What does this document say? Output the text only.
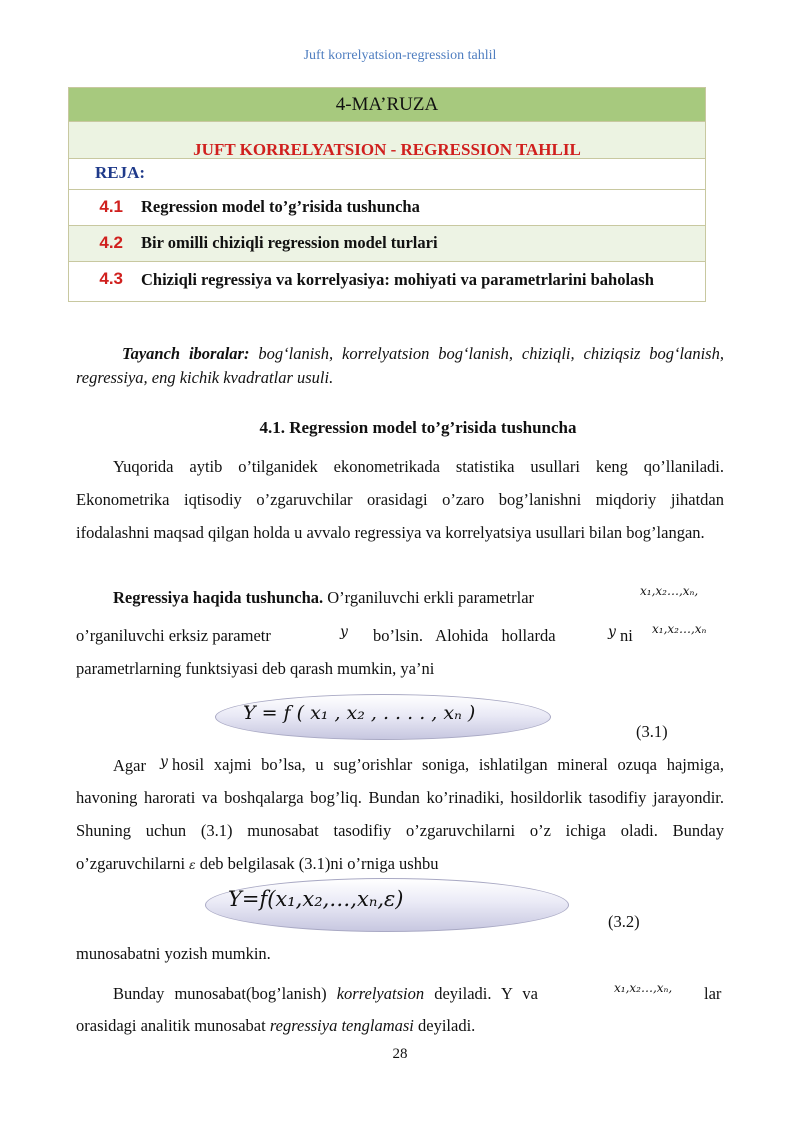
Juft korrelyatsion-regression tahlil
4-MA’RUZA
JUFT KORRELYATSION - REGRESSION TAHLIL
REJA:
4.1	Regression model to’g’risida tushuncha
4.2	Bir omilli chiziqli regression model turlari
4.3	Chiziqli regressiya va korrelyasiya: mohiyati va parametrlarini baholash

Tayanch iboralar: bog‘lanish, korrelyatsion bog‘lanish, chiziqli, chiziqsiz bog‘lanish, regressiya, eng kichik kvadratlar usuli.

4.1. Regression model to’g’risida tushuncha

Yuqorida aytib o’tilganidek ekonometrikada statistika usullari keng qo’llaniladi. Ekonometrika iqtisodiy o’zgaruvchilar orasidagi o’zaro bog’lanishni miqdoriy jihatdan ifodalashni maqsad qilgan holda u avvalo regressiya va korrelyatsiya usullari bilan bog’langan.

Regressiya haqida tushuncha. O’rganiluvchi erkli parametrlar	x₁,x₂…,xₙ,
o’rganiluvchi erksiz parametr	y bo’lsin. Alohida hollarda	y ni x₁,x₂…,xₙ
parametrlarning funktsiyasi deb qarash mumkin, ya’ni
Y = f ( x₁ , x₂ , . . . . , xₙ )
(3.1)
Agar	hosil xajmi bo’lsa, u sug’orishlar soniga, ishlatilgan mineral ozuqa hajmiga, havoning harorati va boshqalarga bog’liq. Bundan ko’rinadiki, hosildorlik tasodifiy jarayondir. Shuning uchun (3.1) munosabat tasodifiy o’zgaruvchilarni o’z ichiga oladi. Bunday o’zgaruvchilarni ε deb belgilasak (3.1)ni o’rniga ushbu

y
Y=f(x₁,x₂,…,xₙ,ε)
(3.2)
munosabatni yozish mumkin.
Bunday munosabat(bog’lanish) korrelyatsion deyiladi. Y va	x₁,x₂…,xₙ, lar
orasidagi analitik munosabat regressiya tenglamasi deyiladi.
28
